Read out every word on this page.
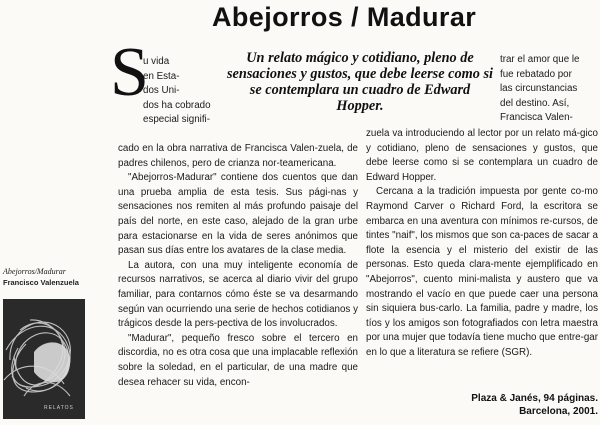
Abejorros / Madurar
S	Un relato mágico y cotidiano, pleno de sensaciones y gustos, que debe leerse como si se contemplara un cuadro de Edward Hopper.
u vida
en Esta-
dos Uni-
dos ha cobrado
especial signifi-

cado en la obra narrativa de Francisca Valen-zuela, de padres chilenos, pero de crianza nor-teamericana.

"Abejorros-Madurar" contiene dos cuentos que dan una prueba amplia de esta tesis. Sus pági-nas y sensaciones nos remiten al más profundo paisaje del país del norte, en este caso, alejado de la gran urbe para estacionarse en la vida de seres anónimos que pasan sus días entre los avatares de la clase media.

La autora, con una muy inteligente economía de recursos narrativos, se acerca al diario vivir del grupo familiar, para contarnos cómo éste se va desarmando según van ocurriendo una serie de hechos cotidianos y trágicos desde la pers-pectiva de los involucrados.

"Madurar", pequeño fresco sobre el tercero en discordia, no es otra cosa que una implacable reflexión sobre la soledad, en el particular, de una madre que desea rehacer su vida, encon-

trar el amor que le
fue rebatado por
las circunstancias
del destino. Así,
Francisca Valen-

zuela va introduciendo al lector por un relato má-gico y cotidiano, pleno de sensaciones y gustos, que debe leerse como si se contemplara un cuadro de Edward Hopper.

Cercana a la tradición impuesta por gente co-mo Raymond Carver o Richard Ford, la escritora se embarca en una aventura con mínimos re-cursos, de tintes "naif", los mismos que son ca-paces de sacar a flote la esencia y el misterio del existir de las personas. Esto queda clara-mente ejemplificado en "Abejorros", cuento mini-malista y austero que va mostrando el vacío en que puede caer una persona sin siquiera bus-carlo. La familia, padre y madre, los tíos y los amigos son fotografiados con letra maestra por una mujer que todavía tiene mucho que entre-gar en lo que a literatura se refiere (SGR).

Plaza & Janés, 94 páginas.
Barcelona, 2001.
Abejorros/Madurar
Francisco Valenzuela
RELATOS
